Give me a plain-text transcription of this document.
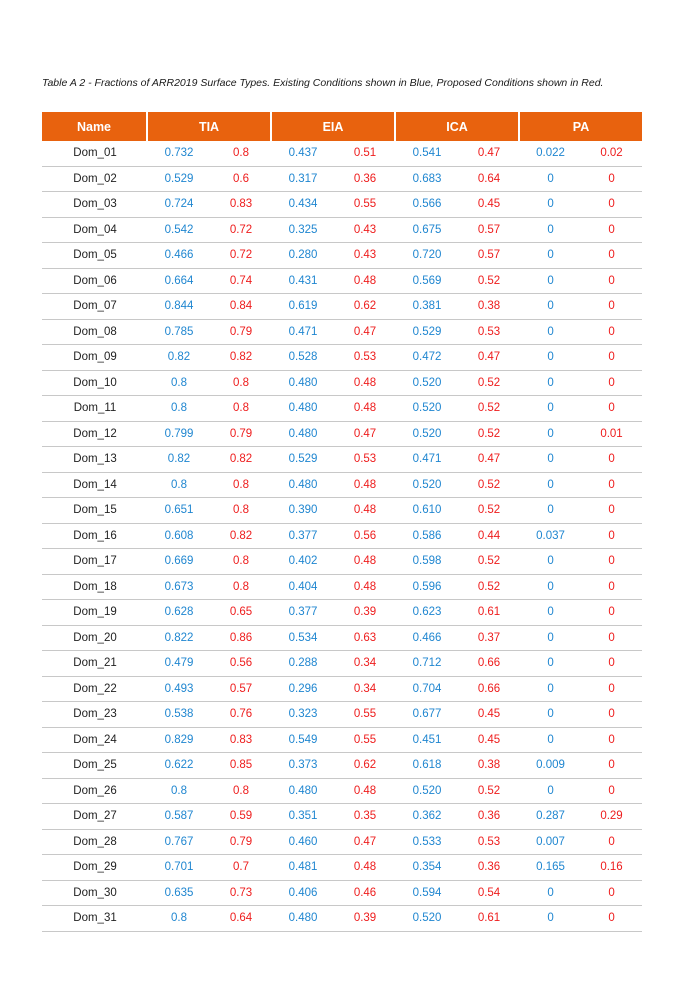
Table A 2 - Fractions of ARR2019 Surface Types. Existing Conditions shown in Blue, Proposed Conditions shown in Red.
Name	TIA		EIA		ICA		PA	
Dom_01	0.732	0.8	0.437	0.51	0.541	0.47	0.022	0.02
Dom_02	0.529	0.6	0.317	0.36	0.683	0.64	0	0
Dom_03	0.724	0.83	0.434	0.55	0.566	0.45	0	0
Dom_04	0.542	0.72	0.325	0.43	0.675	0.57	0	0
Dom_05	0.466	0.72	0.280	0.43	0.720	0.57	0	0
Dom_06	0.664	0.74	0.431	0.48	0.569	0.52	0	0
Dom_07	0.844	0.84	0.619	0.62	0.381	0.38	0	0
Dom_08	0.785	0.79	0.471	0.47	0.529	0.53	0	0
Dom_09	0.82	0.82	0.528	0.53	0.472	0.47	0	0
Dom_10	0.8	0.8	0.480	0.48	0.520	0.52	0	0
Dom_11	0.8	0.8	0.480	0.48	0.520	0.52	0	0
Dom_12	0.799	0.79	0.480	0.47	0.520	0.52	0	0.01
Dom_13	0.82	0.82	0.529	0.53	0.471	0.47	0	0
Dom_14	0.8	0.8	0.480	0.48	0.520	0.52	0	0
Dom_15	0.651	0.8	0.390	0.48	0.610	0.52	0	0
Dom_16	0.608	0.82	0.377	0.56	0.586	0.44	0.037	0
Dom_17	0.669	0.8	0.402	0.48	0.598	0.52	0	0
Dom_18	0.673	0.8	0.404	0.48	0.596	0.52	0	0
Dom_19	0.628	0.65	0.377	0.39	0.623	0.61	0	0
Dom_20	0.822	0.86	0.534	0.63	0.466	0.37	0	0
Dom_21	0.479	0.56	0.288	0.34	0.712	0.66	0	0
Dom_22	0.493	0.57	0.296	0.34	0.704	0.66	0	0
Dom_23	0.538	0.76	0.323	0.55	0.677	0.45	0	0
Dom_24	0.829	0.83	0.549	0.55	0.451	0.45	0	0
Dom_25	0.622	0.85	0.373	0.62	0.618	0.38	0.009	0
Dom_26	0.8	0.8	0.480	0.48	0.520	0.52	0	0
Dom_27	0.587	0.59	0.351	0.35	0.362	0.36	0.287	0.29
Dom_28	0.767	0.79	0.460	0.47	0.533	0.53	0.007	0
Dom_29	0.701	0.7	0.481	0.48	0.354	0.36	0.165	0.16
Dom_30	0.635	0.73	0.406	0.46	0.594	0.54	0	0
Dom_31	0.8	0.64	0.480	0.39	0.520	0.61	0	0
